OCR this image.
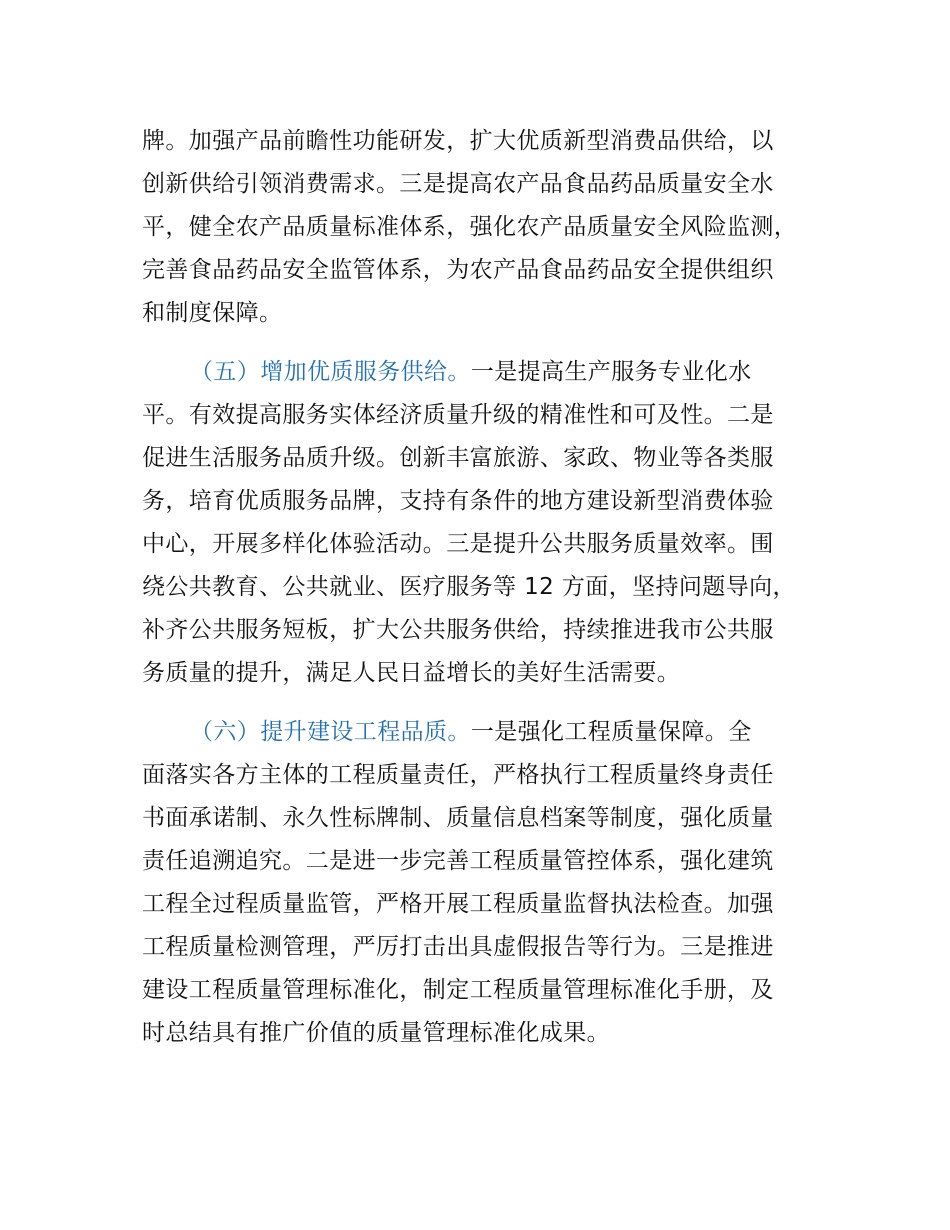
牌。加强产品前瞻性功能研发，扩大优质新型消费品供给，以
创新供给引领消费需求。三是提高农产品食品药品质量安全水
平，健全农产品质量标准体系，强化农产品质量安全风险监测，
完善食品药品安全监管体系，为农产品食品药品安全提供组织
和制度保障。
（五）增加优质服务供给。一是提高生产服务专业化水
平。有效提高服务实体经济质量升级的精准性和可及性。二是
促进生活服务品质升级。创新丰富旅游、家政、物业等各类服
务，培育优质服务品牌，支持有条件的地方建设新型消费体验
中心，开展多样化体验活动。三是提升公共服务质量效率。围
绕公共教育、公共就业、医疗服务等 12 方面，坚持问题导向，
补齐公共服务短板，扩大公共服务供给，持续推进我市公共服
务质量的提升，满足人民日益增长的美好生活需要。
（六）提升建设工程品质。一是强化工程质量保障。全
面落实各方主体的工程质量责任，严格执行工程质量终身责任
书面承诺制、永久性标牌制、质量信息档案等制度，强化质量
责任追溯追究。二是进一步完善工程质量管控体系，强化建筑
工程全过程质量监管，严格开展工程质量监督执法检查。加强
工程质量检测管理，严厉打击出具虚假报告等行为。三是推进
建设工程质量管理标准化，制定工程质量管理标准化手册，及
时总结具有推广价值的质量管理标准化成果。
